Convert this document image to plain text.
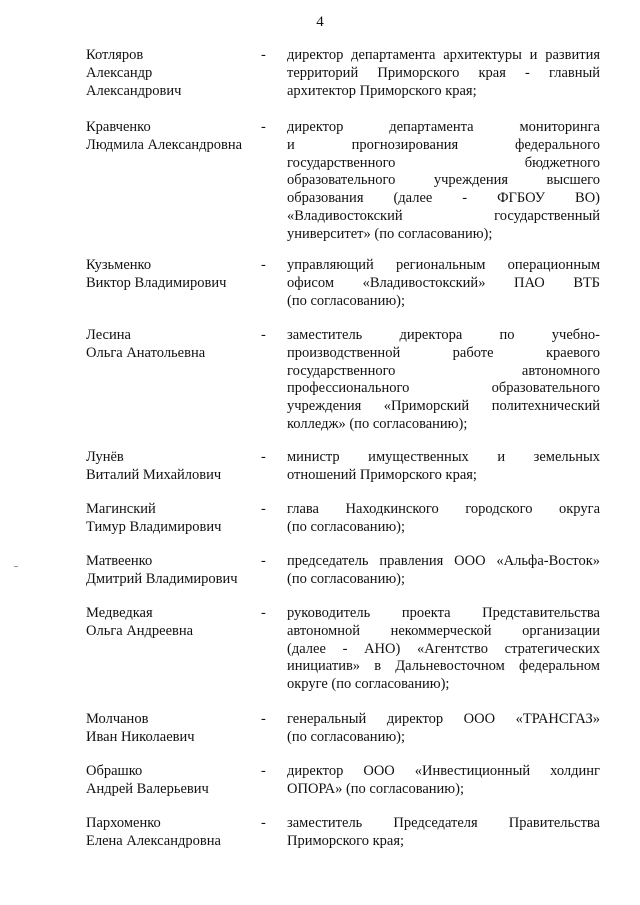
4
Котляров
Александр
Александрович
-	директор департамента архитектуры и развития
территорий Приморского края - главный
архитектор Приморского края;
Кравченко
Людмила Александровна
-	директор департамента мониторинга
и прогнозирования федерального
государственного бюджетного
образовательного учреждения высшего
образования (далее - ФГБОУ ВО)
«Владивостокский государственный
университет» (по согласованию);
Кузьменко
Виктор Владимирович
-	управляющий региональным операционным
офисом «Владивостокский» ПАО ВТБ
(по согласованию);
Лесина
Ольга Анатольевна
-	заместитель директора по учебно-
производственной работе краевого
государственного автономного
профессионального образовательного
учреждения «Приморский политехнический
колледж» (по согласованию);
Лунёв
Виталий Михайлович
-	министр имущественных и земельных
отношений Приморского края;
Магинский
Тимур Владимирович
-	глава Находкинского городского округа
(по согласованию);
Матвеенко
Дмитрий Владимирович
-	председатель правления ООО «Альфа-Восток»
(по согласованию);
Медведкая
Ольга Андреевна
-	руководитель проекта Представительства
автономной некоммерческой организации
(далее - АНО) «Агентство стратегических
инициатив» в Дальневосточном федеральном
округе (по согласованию);
Молчанов
Иван Николаевич
-	генеральный директор ООО «ТРАНСГАЗ»
(по согласованию);
Обрашко
Андрей Валерьевич
-	директор ООО «Инвестиционный холдинг
ОПОРА» (по согласованию);
Пархоменко
Елена Александровна
-	заместитель Председателя Правительства
Приморского края;
